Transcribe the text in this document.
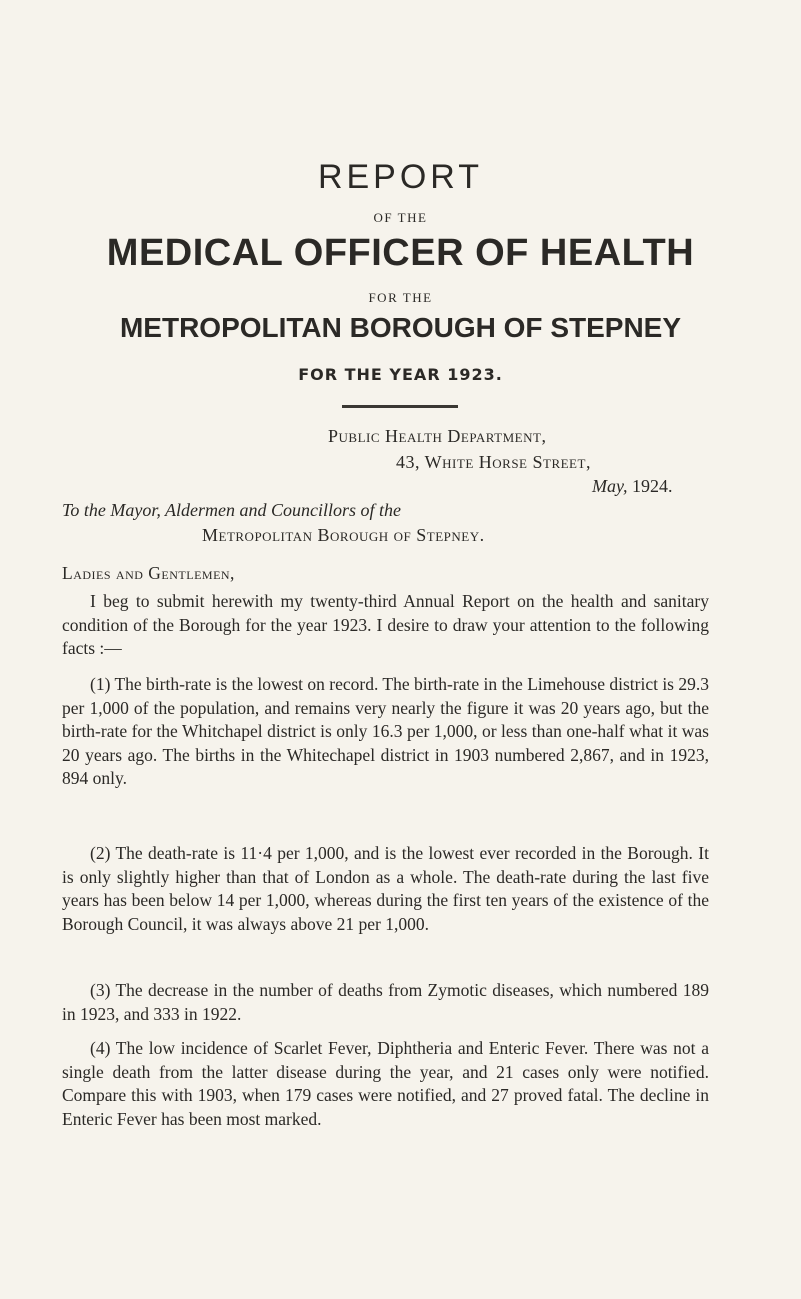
REPORT
OF THE
MEDICAL OFFICER OF HEALTH
FOR THE
METROPOLITAN BOROUGH OF STEPNEY
FOR THE YEAR 1923.
Public Health Department,
43, White Horse Street,
May, 1924.
To the Mayor, Aldermen and Councillors of the
Metropolitan Borough of Stepney.
Ladies and Gentlemen,

I beg to submit herewith my twenty-third Annual Report on the health and sanitary condition of the Borough for the year 1923. I desire to draw your attention to the following facts :—

(1) The birth-rate is the lowest on record. The birth-rate in the Limehouse district is 29.3 per 1,000 of the population, and remains very nearly the figure it was 20 years ago, but the birth-rate for the Whitchapel district is only 16.3 per 1,000, or less than one-half what it was 20 years ago. The births in the Whitechapel district in 1903 numbered 2,867, and in 1923, 894 only.

(2) The death-rate is 11·4 per 1,000, and is the lowest ever recorded in the Borough. It is only slightly higher than that of London as a whole. The death-rate during the last five years has been below 14 per 1,000, whereas during the first ten years of the existence of the Borough Council, it was always above 21 per 1,000.

(3) The decrease in the number of deaths from Zymotic diseases, which numbered 189 in 1923, and 333 in 1922.

(4) The low incidence of Scarlet Fever, Diphtheria and Enteric Fever. There was not a single death from the latter disease during the year, and 21 cases only were notified. Compare this with 1903, when 179 cases were notified, and 27 proved fatal. The decline in Enteric Fever has been most marked.
